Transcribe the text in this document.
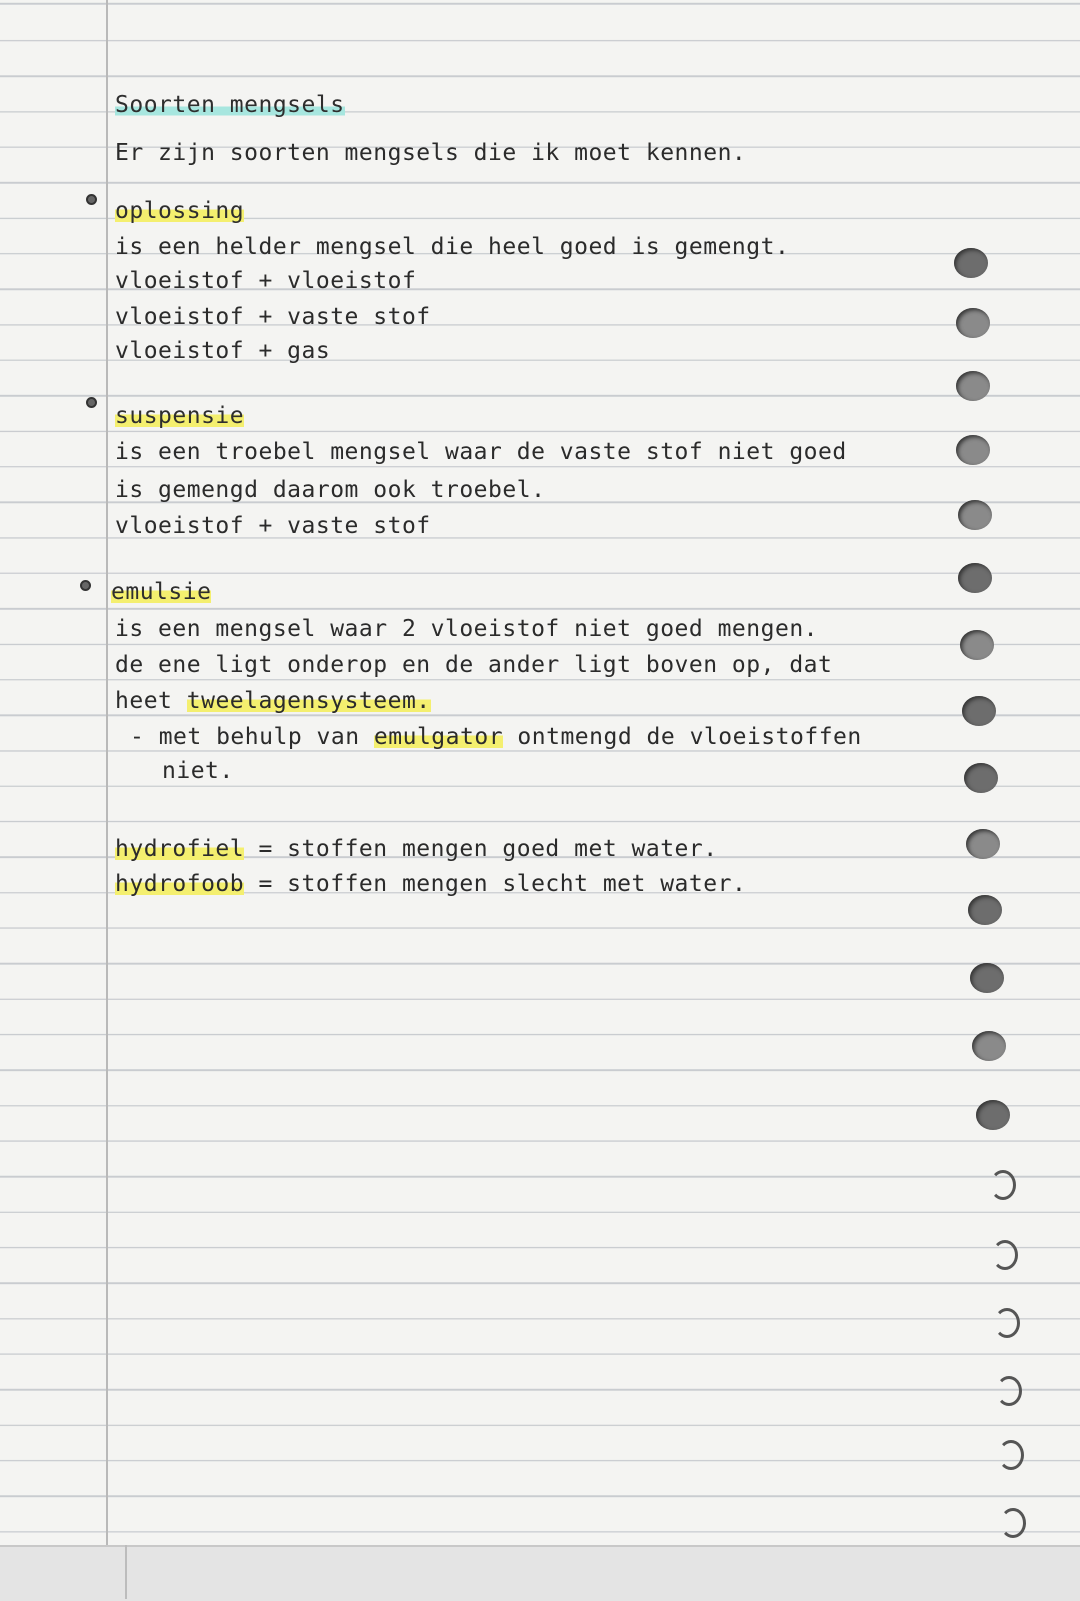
Soorten mengsels
Er zijn soorten mengsels die ik moet kennen.
oplossing
is een helder mengsel die heel goed is gemengt.
vloeistof + vloeistof
vloeistof + vaste stof
vloeistof + gas
suspensie
is een troebel mengsel waar de vaste stof niet goed
is gemengd daarom ook troebel.
vloeistof + vaste stof
emulsie
is een mengsel waar 2 vloeistof niet goed mengen.
de ene ligt onderop en de ander ligt boven op, dat
heet tweelagensysteem.
- met behulp van emulgator ontmengd de vloeistoffen
niet.
hydrofiel = stoffen mengen goed met water.
hydrofoob = stoffen mengen slecht met water.
